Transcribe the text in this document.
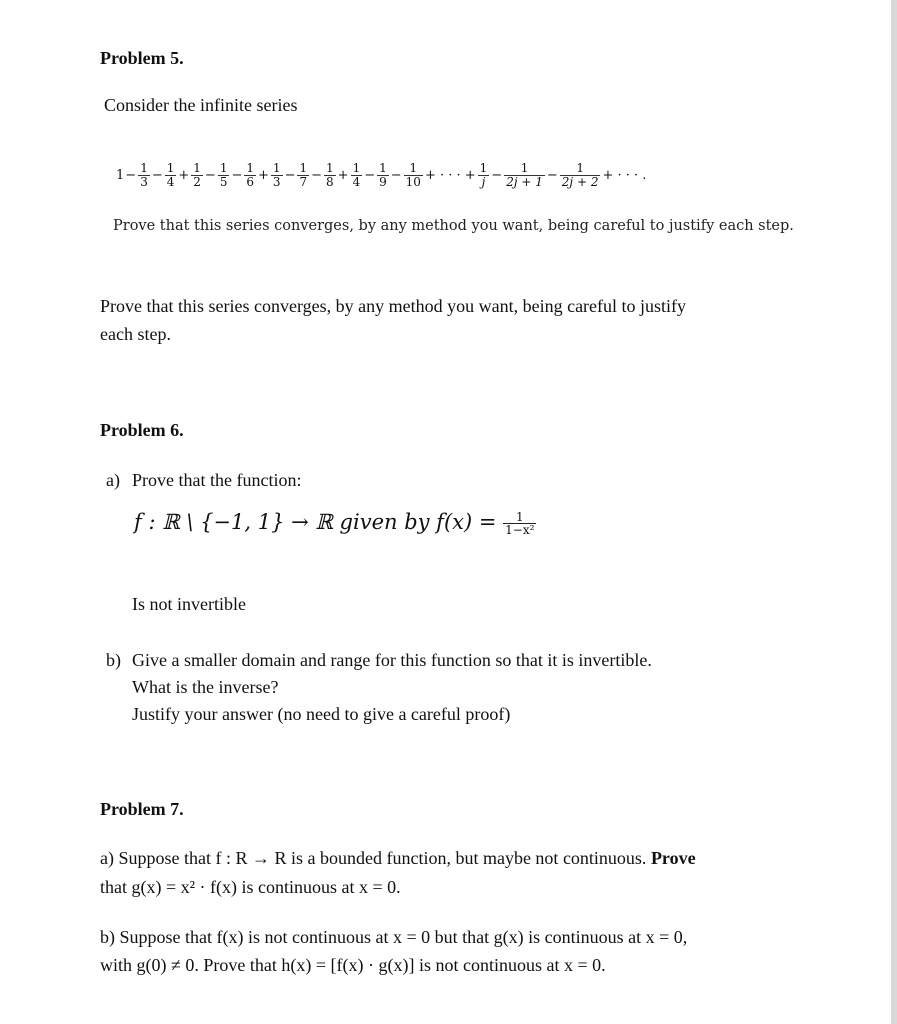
Problem 5.
Consider the infinite series
$1- \frac{1}{3} - \frac{1}{4} + \frac{1}{2} - \frac{1}{5} - \frac{1}{6} + \frac{1}{3} - \frac{1}{7} - \frac{1}{8} + \frac{1}{4} - \frac{1}{9} - \frac{1}{10}$ + · · · + $\frac{1}{j} - \frac{1}{2j + 1} - \frac{1}{2j + 2}$ + · · · .
Prove that this series converges, by any method you want, being careful to justify each step.
Prove that this series converges, by any method you want, being careful to justify
each step.
Problem 6.
a) Prove that the function:
f : ℝ \ {−1, 1} → ℝ given by $f(x) = \frac{1}{\text{1−x²}}$
Is not invertible
b) Give a smaller domain and range for this function so that it is invertible.
What is the inverse?
Justify your answer (no need to give a careful proof)
Problem 7.
a) Suppose that f : R → R is a bounded function, but maybe not continuous. Prove
that g(x) = x² · f(x) is continuous at x = 0.
b) Suppose that f(x) is not continuous at x = 0 but that g(x) is continuous at x = 0,
with g(0) ≠ 0. Prove that h(x) = [f(x) · g(x)] is not continuous at x = 0.
